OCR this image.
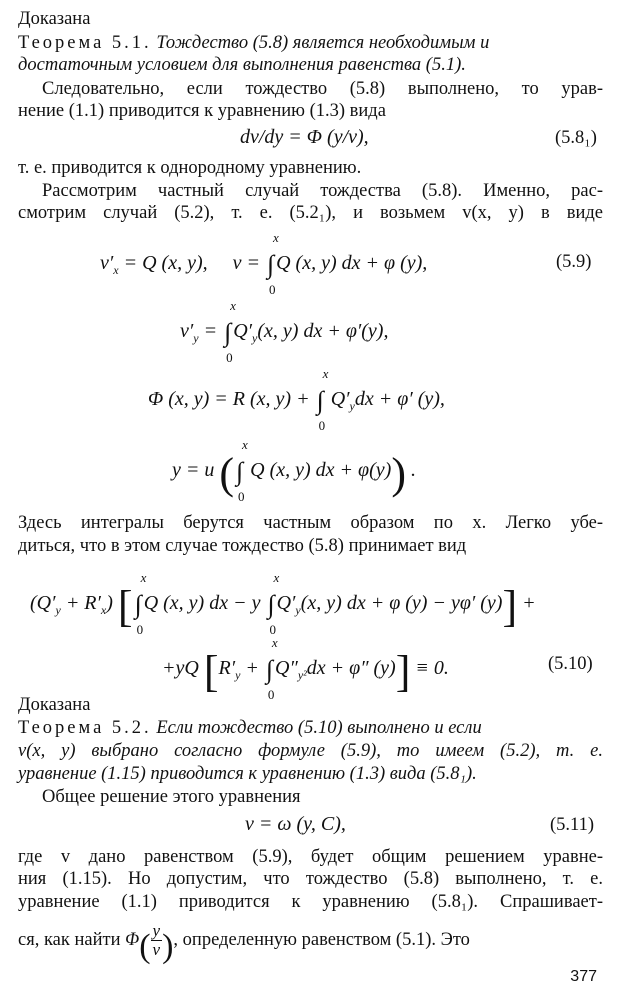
Доказана
Теорема 5.1. Тождество (5.8) является необходимым и
достаточным условием для выполнения равенства (5.1).
Следовательно, если тождество (5.8) выполнено, то урав-
нение (1.1) приводится к уравнению (1.3) вида
dv/dy = Φ (y/v),	(5.8₁)
т. е. приводится к однородному уравнению.
Рассмотрим частный случай тождества (5.8). Именно, рас-
смотрим случай (5.2), т. е. (5.2₁), и возьмем v(x, y) в виде
$v'_x = Q$ (x, y),     v = ∫
x
0
Q (x, y) dx + φ (y),	(5.9)
$v'_y$ = ∫
x
0
$Q'_y(x$, y) dx + φ′(y),
Φ (x, y) = R (x, y) + ∫
x
0
$Q'_ydx + \varphi'$ (y),
y = u (∫
x
0
Q (x, y) dx + φ(y)) .
Здесь интегралы берутся частным образом по x. Легко убе-
диться, что в этом случае тождество (5.8) принимает вид
$(Q'_y + R'_x)$ [∫
x
0
Q (x, y) dx − y ∫
x
0
$Q'_y(x$, y) dx + φ (y) − yφ′ (y)] +
+yQ [$R'_y$ + ∫
x
0
$Q''_{y^2}dx + \varphi''$ (y)] ≡ 0.	(5.10)
Доказана
Теорема 5.2. Если тождество (5.10) выполнено и если
v(x, y) выбрано согласно формуле (5.9), то имеем (5.2), т. е.
уравнение (1.15) приводится к уравнению (1.3) вида (5.8₁).
Общее решение этого уравнения
v = ω (y, C),	(5.11)
где v дано равенством (5.9), будет общим решением уравне-
ния (1.15). Но допустим, что тождество (5.8) выполнено, т. е.
уравнение (1.1) приводится к уравнению (5.8₁). Спрашивает-
ся, как найти $\Phi( \frac{y}{v}$ ), определенную равенством (5.1). Это
377
